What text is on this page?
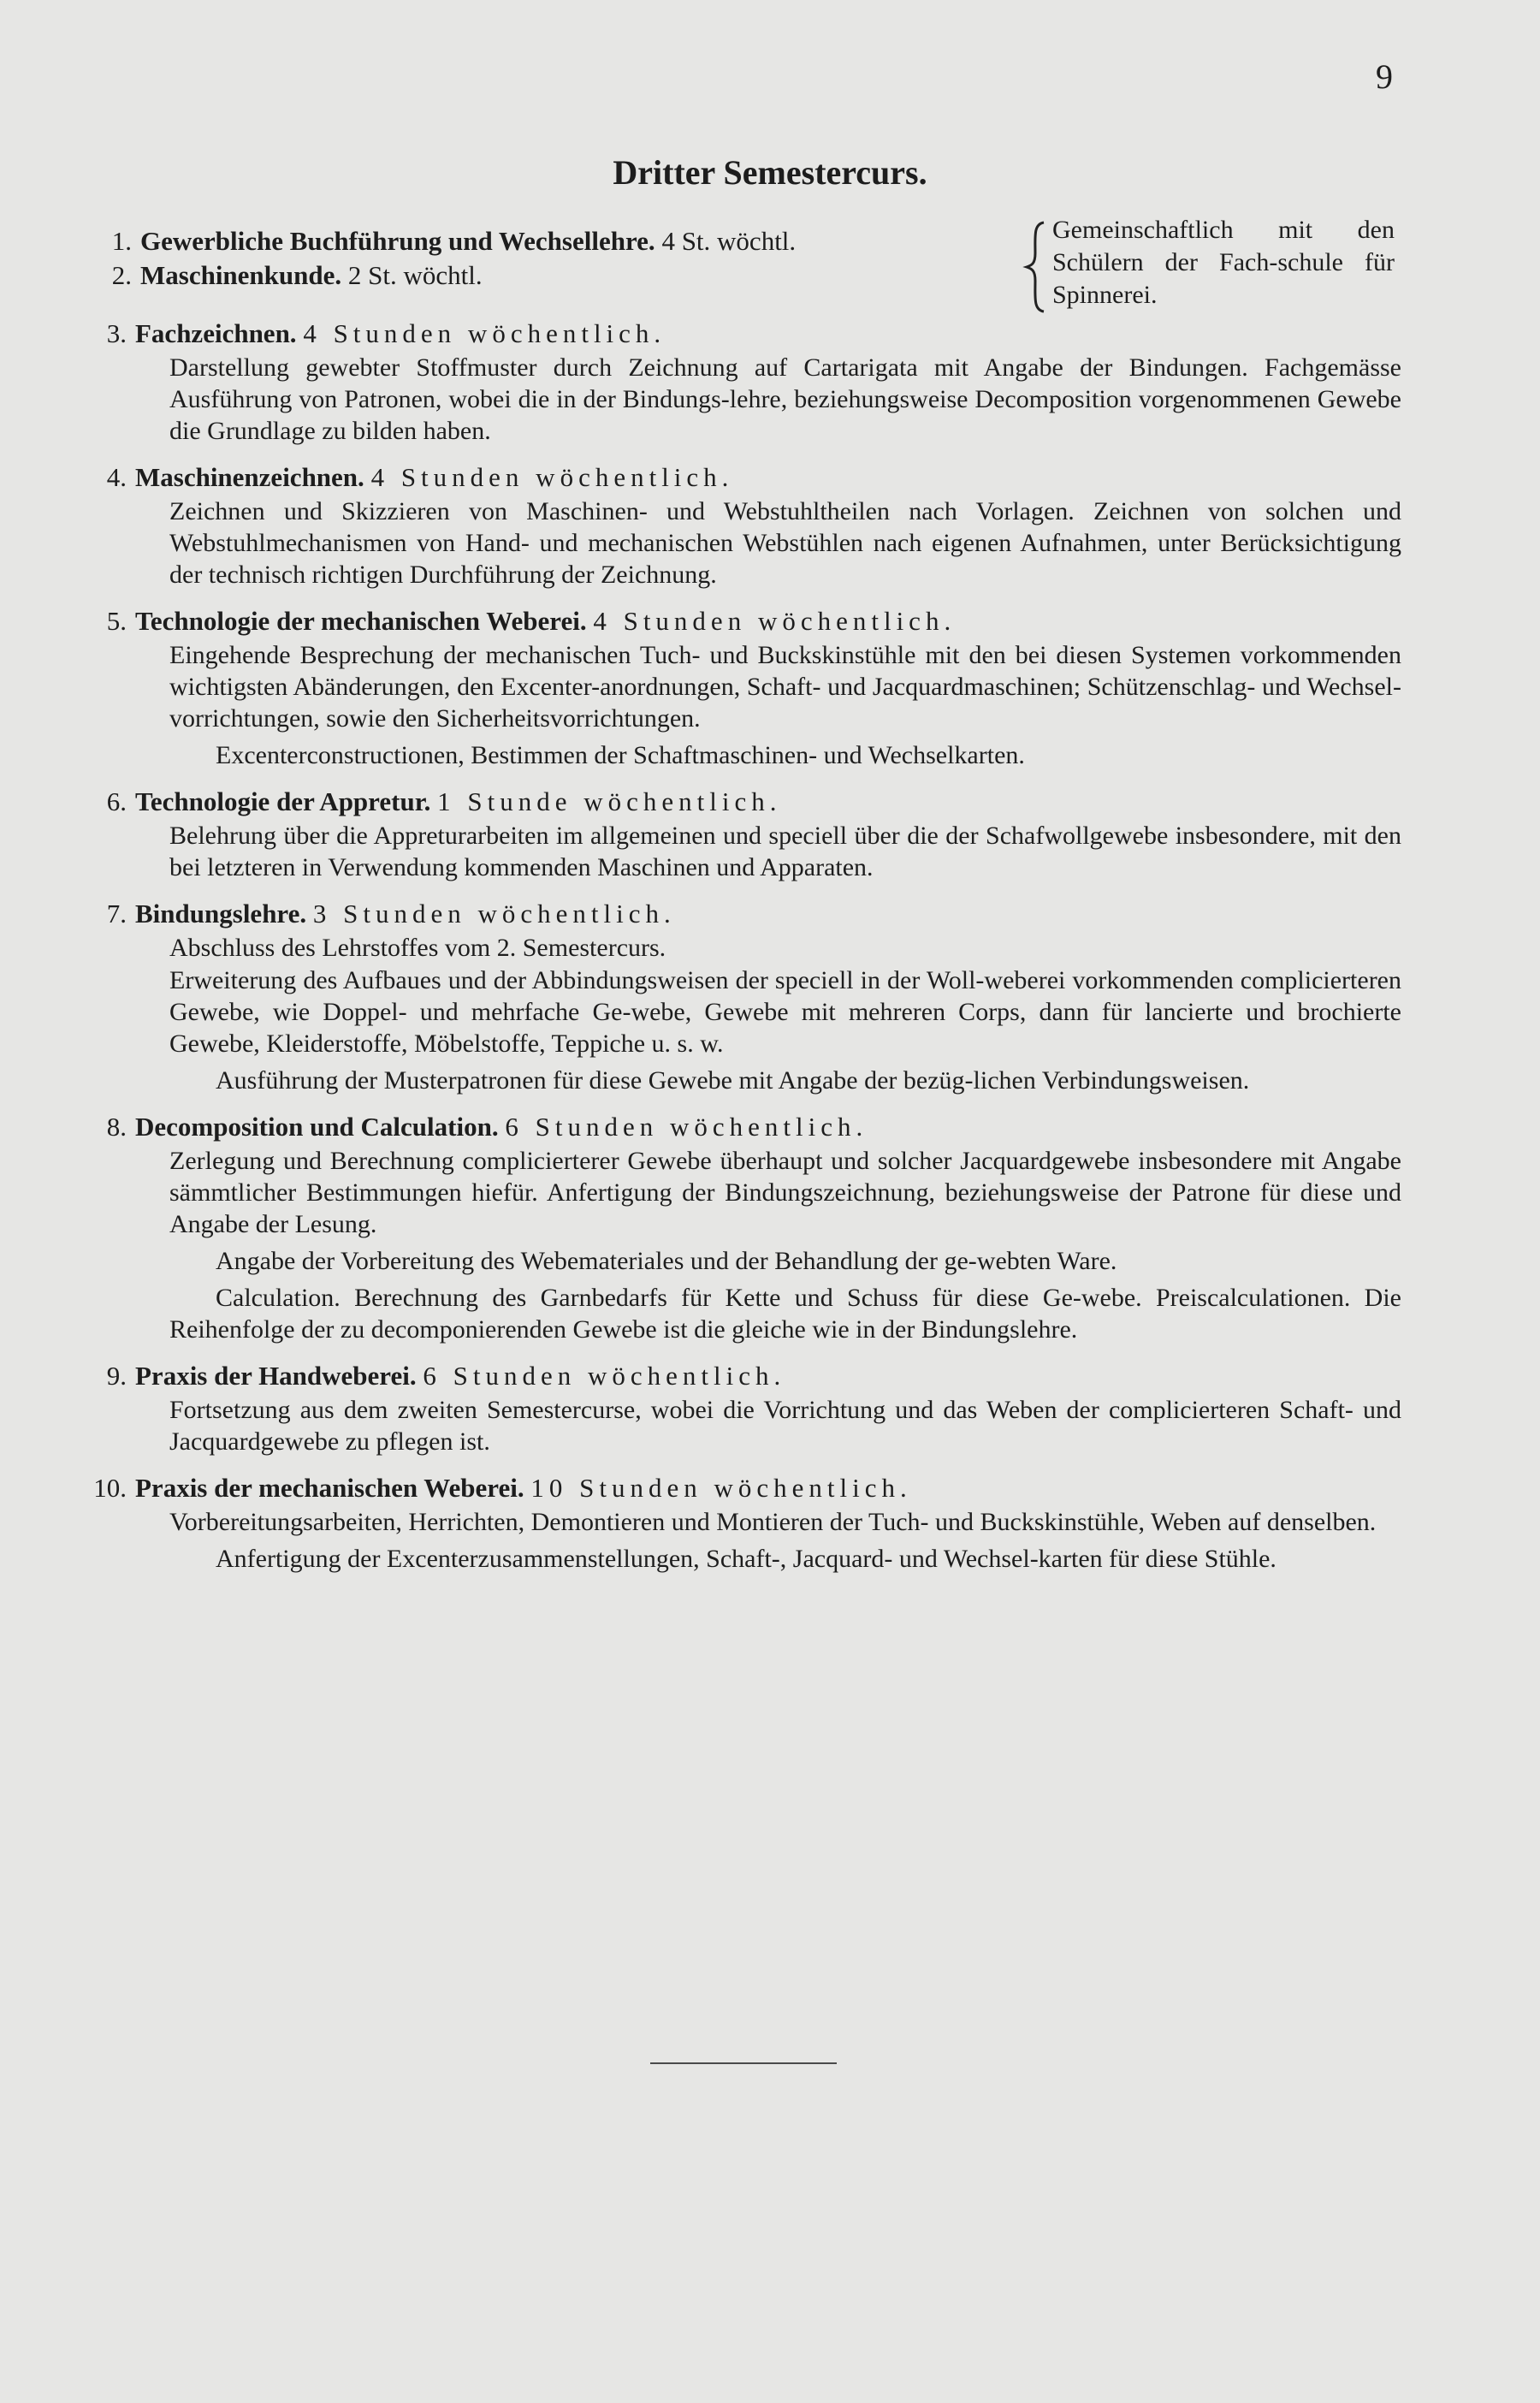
9
Dritter Semestercurs.
1. Gewerbliche Buchführung und Wechsellehre. 4 St. wöchtl.
2. Maschinenkunde. 2 St. wöchtl.
Gemeinschaftlich mit den Schülern der Fach-schule für Spinnerei.
3. Fachzeichnen. 4 Stunden wöchentlich.
Darstellung gewebter Stoffmuster durch Zeichnung auf Cartarigata mit Angabe der Bindungen. Fachgemässe Ausführung von Patronen, wobei die in der Bindungs-lehre, beziehungsweise Decomposition vorgenommenen Gewebe die Grundlage zu bilden haben.
4. Maschinenzeichnen. 4 Stunden wöchentlich.
Zeichnen und Skizzieren von Maschinen- und Webstuhltheilen nach Vorlagen. Zeichnen von solchen und Webstuhlmechanismen von Hand- und mechanischen Webstühlen nach eigenen Aufnahmen, unter Berücksichtigung der technisch richtigen Durchführung der Zeichnung.
5. Technologie der mechanischen Weberei. 4 Stunden wöchentlich.
Eingehende Besprechung der mechanischen Tuch- und Buckskinstühle mit den bei diesen Systemen vorkommenden wichtigsten Abänderungen, den Excenter-anordnungen, Schaft- und Jacquardmaschinen; Schützenschlag- und Wechsel-vorrichtungen, sowie den Sicherheitsvorrichtungen.
Excenterconstructionen, Bestimmen der Schaftmaschinen- und Wechselkarten.
6. Technologie der Appretur. 1 Stunde wöchentlich.
Belehrung über die Appreturarbeiten im allgemeinen und speciell über die der Schafwollgewebe insbesondere, mit den bei letzteren in Verwendung kommenden Maschinen und Apparaten.
7. Bindungslehre. 3 Stunden wöchentlich.
Abschluss des Lehrstoffes vom 2. Semestercurs.
Erweiterung des Aufbaues und der Abbindungsweisen der speciell in der Woll-weberei vorkommenden complicierteren Gewebe, wie Doppel- und mehrfache Ge-webe, Gewebe mit mehreren Corps, dann für lancierte und brochierte Gewebe, Kleiderstoffe, Möbelstoffe, Teppiche u. s. w.
Ausführung der Musterpatronen für diese Gewebe mit Angabe der bezüg-lichen Verbindungsweisen.
8. Decomposition und Calculation. 6 Stunden wöchentlich.
Zerlegung und Berechnung complicierterer Gewebe überhaupt und solcher Jacquardgewebe insbesondere mit Angabe sämmtlicher Bestimmungen hiefür. Anfertigung der Bindungszeichnung, beziehungsweise der Patrone für diese und Angabe der Lesung.
Angabe der Vorbereitung des Webemateriales und der Behandlung der ge-webten Ware.
Calculation. Berechnung des Garnbedarfs für Kette und Schuss für diese Ge-webe. Preiscalculationen. Die Reihenfolge der zu decomponierenden Gewebe ist die gleiche wie in der Bindungslehre.
9. Praxis der Handweberei. 6 Stunden wöchentlich.
Fortsetzung aus dem zweiten Semestercurse, wobei die Vorrichtung und das Weben der complicierteren Schaft- und Jacquardgewebe zu pflegen ist.
10. Praxis der mechanischen Weberei. 10 Stunden wöchentlich.
Vorbereitungsarbeiten, Herrichten, Demontieren und Montieren der Tuch- und Buckskinstühle, Weben auf denselben.
Anfertigung der Excenterzusammenstellungen, Schaft-, Jacquard- und Wechsel-karten für diese Stühle.
